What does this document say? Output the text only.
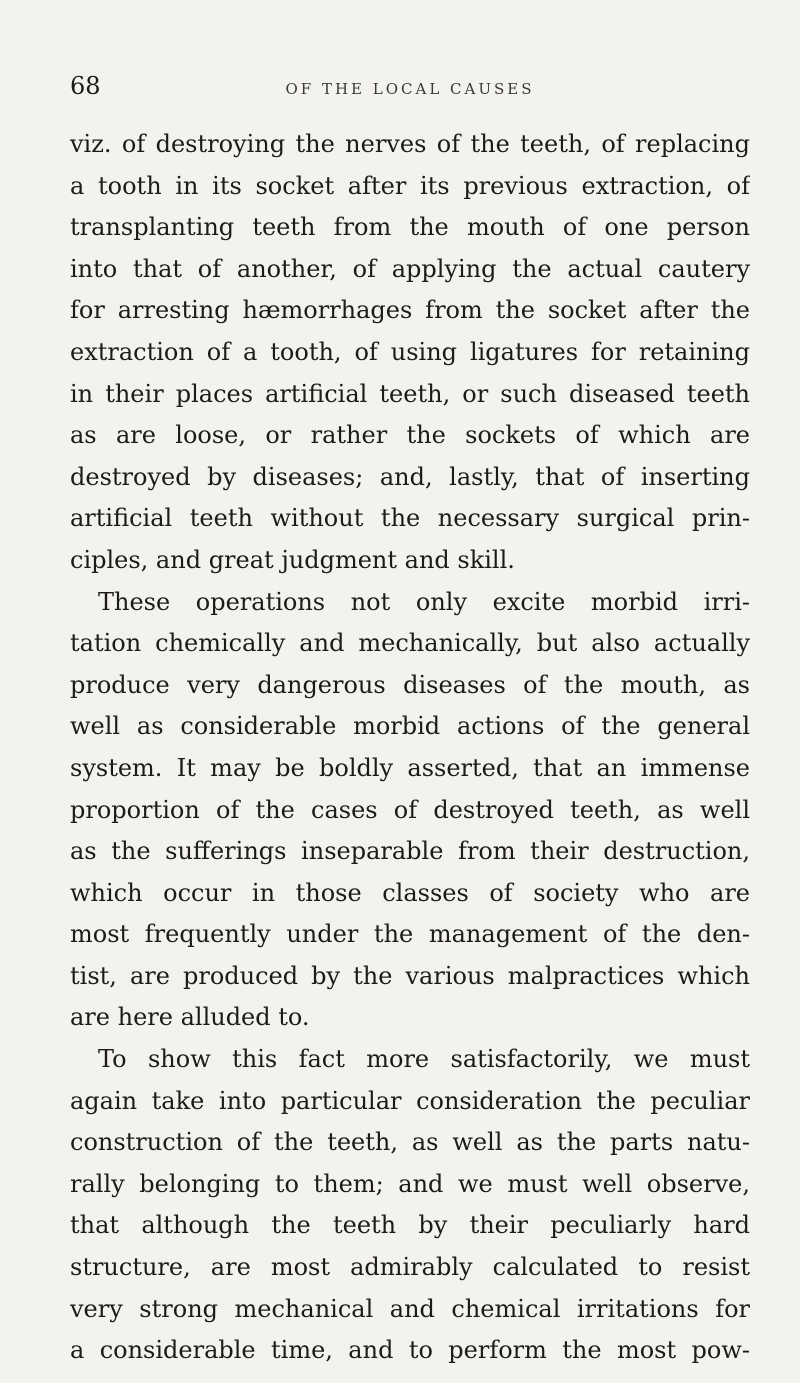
68	OF THE LOCAL CAUSES
viz. of destroying the nerves of the teeth, of replacing
a tooth in its socket after its previous extraction, of
transplanting teeth from the mouth of one person
into that of another, of applying the actual cautery
for arresting hæmorrhages from the socket after the
extraction of a tooth, of using ligatures for retaining
in their places artificial teeth, or such diseased teeth
as are loose, or rather the sockets of which are
destroyed by diseases; and, lastly, that of inserting
artificial teeth without the necessary surgical prin-
ciples, and great judgment and skill.
These operations not only excite morbid irri-
tation chemically and mechanically, but also actually
produce very dangerous diseases of the mouth, as
well as considerable morbid actions of the general
system. It may be boldly asserted, that an immense
proportion of the cases of destroyed teeth, as well
as the sufferings inseparable from their destruction,
which occur in those classes of society who are
most frequently under the management of the den-
tist, are produced by the various malpractices which
are here alluded to.
To show this fact more satisfactorily, we must
again take into particular consideration the peculiar
construction of the teeth, as well as the parts natu-
rally belonging to them; and we must well observe,
that although the teeth by their peculiarly hard
structure, are most admirably calculated to resist
very strong mechanical and chemical irritations for
a considerable time, and to perform the most pow-
